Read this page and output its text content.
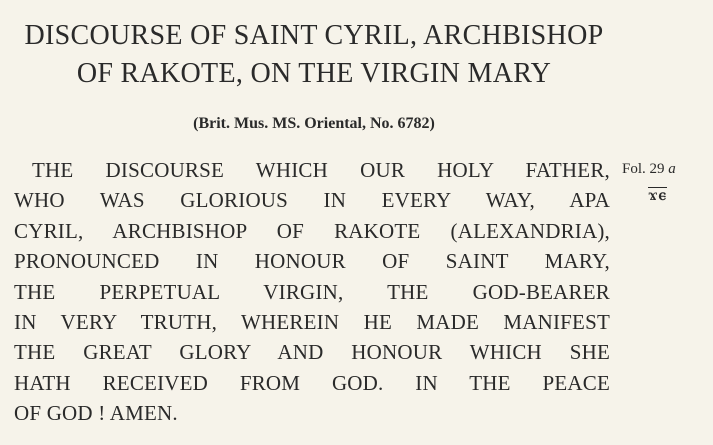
DISCOURSE OF SAINT CYRIL, ARCHBISHOP
OF RAKOTE, ON THE VIRGIN MARY
(Brit. Mus. MS. Oriental, No. 6782)
THE DISCOURSE WHICH OUR HOLY FATHER,
WHO WAS GLORIOUS IN EVERY WAY, APA
CYRIL, ARCHBISHOP OF RAKOTE (ALEXANDRIA),
PRONOUNCED IN HONOUR OF SAINT MARY,
THE PERPETUAL VIRGIN, THE GOD-BEARER
IN VERY TRUTH, WHEREIN HE MADE MANIFEST
THE GREAT GLORY AND HONOUR WHICH SHE
HATH RECEIVED FROM GOD. IN THE PEACE
OF GOD ! AMEN.
Fol. 29 a
ϫⲉ
